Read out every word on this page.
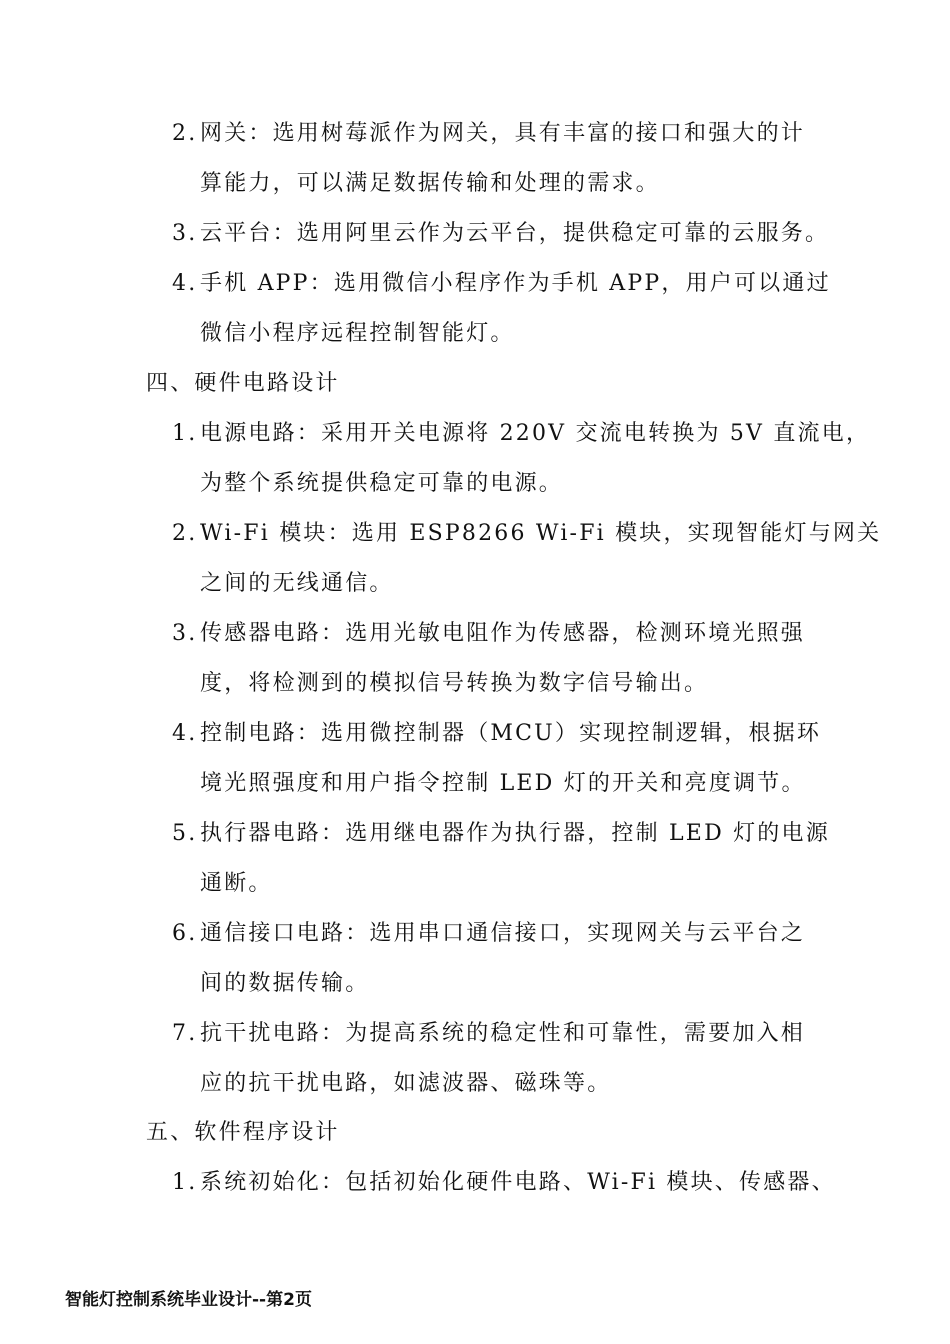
2. 网关：选用树莓派作为网关，具有丰富的接口和强大的计
算能力，可以满足数据传输和处理的需求。
3. 云平台：选用阿里云作为云平台，提供稳定可靠的云服务。
4. 手机 APP：选用微信小程序作为手机 APP，用户可以通过
微信小程序远程控制智能灯。
四、硬件电路设计
1. 电源电路：采用开关电源将 220V 交流电转换为 5V 直流电，
为整个系统提供稳定可靠的电源。
2. Wi-Fi 模块：选用 ESP8266 Wi-Fi 模块，实现智能灯与网关
之间的无线通信。
3. 传感器电路：选用光敏电阻作为传感器，检测环境光照强
度，将检测到的模拟信号转换为数字信号输出。
4. 控制电路：选用微控制器（MCU）实现控制逻辑，根据环
境光照强度和用户指令控制 LED 灯的开关和亮度调节。
5. 执行器电路：选用继电器作为执行器，控制 LED 灯的电源
通断。
6. 通信接口电路：选用串口通信接口，实现网关与云平台之
间的数据传输。
7. 抗干扰电路：为提高系统的稳定性和可靠性，需要加入相
应的抗干扰电路，如滤波器、磁珠等。
五、软件程序设计
1. 系统初始化：包括初始化硬件电路、Wi-Fi 模块、传感器、
智能灯控制系统毕业设计--第2页
